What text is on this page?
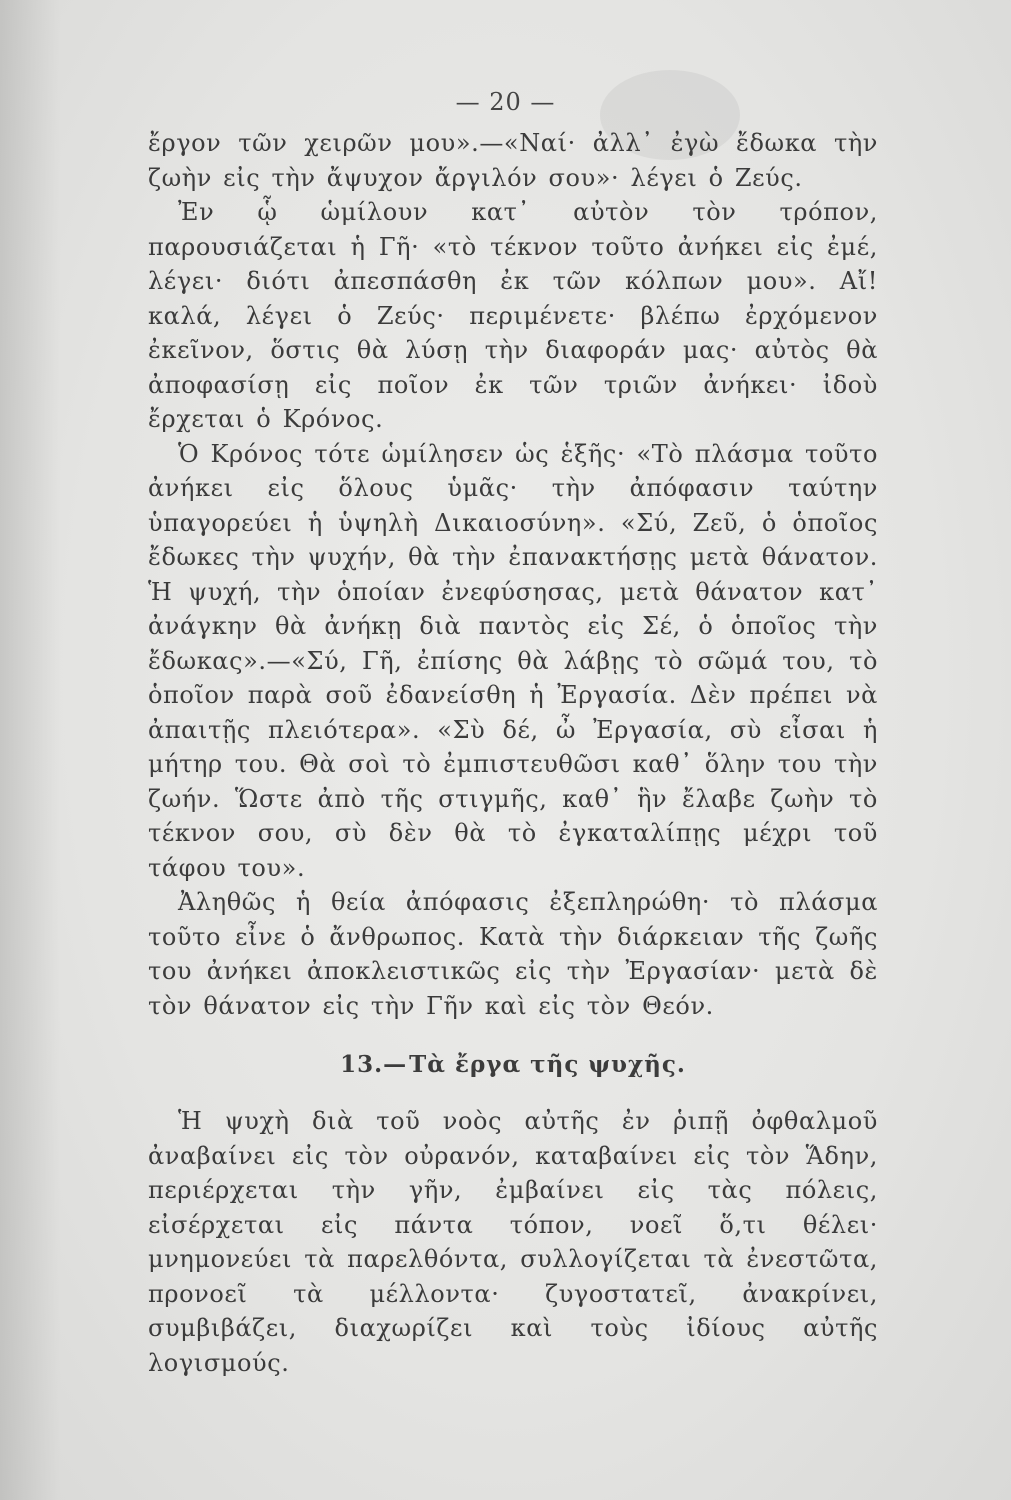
— 20 —

ἔργον τῶν χειρῶν μου».—«Ναί· ἀλλ᾽ ἐγὼ ἔδωκα τὴν ζωὴν εἰς τὴν ἄψυχον ἄργιλόν σου»· λέγει ὁ Ζεύς.

Ἐν ᾧ ὡμίλουν κατ᾽ αὐτὸν τὸν τρόπον, παρουσιάζεται ἡ Γῆ· «τὸ τέκνον τοῦτο ἀνήκει εἰς ἐμέ, λέγει· διότι ἀπεσπάσθη ἐκ τῶν κόλπων μου». Αἴ! καλά, λέγει ὁ Ζεύς· περιμένετε· βλέπω ἐρχόμενον ἐκεῖνον, ὅστις θὰ λύσῃ τὴν διαφοράν μας· αὐτὸς θὰ ἀποφασίσῃ εἰς ποῖον ἐκ τῶν τριῶν ἀνήκει· ἰδοὺ ἔρχεται ὁ Κρόνος.

Ὁ Κρόνος τότε ὡμίλησεν ὡς ἑξῆς· «Τὸ πλάσμα τοῦτο ἀνήκει εἰς ὅλους ὑμᾶς· τὴν ἀπόφασιν ταύτην ὑπαγορεύει ἡ ὑψηλὴ Δικαιοσύνη». «Σύ, Ζεῦ, ὁ ὁποῖος ἔδωκες τὴν ψυχήν, θὰ τὴν ἐπανακτήσῃς μετὰ θάνατον. Ἡ ψυχή, τὴν ὁποίαν ἐνεφύσησας, μετὰ θάνατον κατ᾽ ἀνάγκην θὰ ἀνήκῃ διὰ παντὸς εἰς Σέ, ὁ ὁποῖος τὴν ἔδωκας».—«Σύ, Γῆ, ἐπίσης θὰ λάβῃς τὸ σῶμά του, τὸ ὁποῖον παρὰ σοῦ ἐδανείσθη ἡ Ἐργασία. Δὲν πρέπει νὰ ἀπαιτῇς πλειότερα». «Σὺ δέ, ὦ Ἐργασία, σὺ εἶσαι ἡ μήτηρ του. Θὰ σοὶ τὸ ἐμπιστευθῶσι καθ᾽ ὅλην του τὴν ζωήν. Ὥστε ἀπὸ τῆς στιγμῆς, καθ᾽ ἣν ἔλαβε ζωὴν τὸ τέκνον σου, σὺ δὲν θὰ τὸ ἐγκαταλίπῃς μέχρι τοῦ τάφου του».

Ἀληθῶς ἡ θεία ἀπόφασις ἐξεπληρώθη· τὸ πλάσμα τοῦτο εἶνε ὁ ἄνθρωπος. Κατὰ τὴν διάρκειαν τῆς ζωῆς του ἀνήκει ἀποκλειστικῶς εἰς τὴν Ἐργασίαν· μετὰ δὲ τὸν θάνατον εἰς τὴν Γῆν καὶ εἰς τὸν Θεόν.

13.—Τὰ ἔργα τῆς ψυχῆς.

Ἡ ψυχὴ διὰ τοῦ νοὸς αὐτῆς ἐν ῥιπῇ ὀφθαλμοῦ ἀναβαίνει εἰς τὸν οὐρανόν, καταβαίνει εἰς τὸν Ἅδην, περιέρχεται τὴν γῆν, ἐμβαίνει εἰς τὰς πόλεις, εἰσέρχεται εἰς πάντα τόπον, νοεῖ ὅ,τι θέλει· μνημονεύει τὰ παρελθόντα, συλλογίζεται τὰ ἐνεστῶτα, προνοεῖ τὰ μέλλοντα· ζυγοστατεῖ, ἀνακρίνει, συμβιβάζει, διαχωρίζει καὶ τοὺς ἰδίους αὐτῆς λογισμούς.
